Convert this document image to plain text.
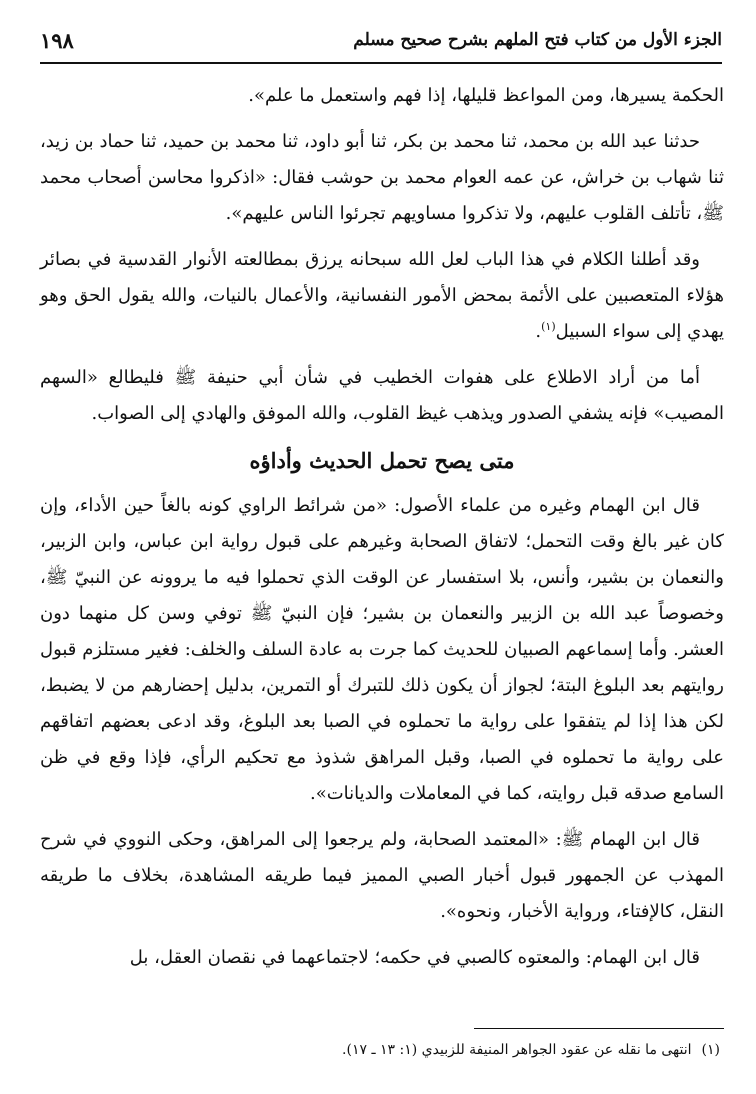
الجزء الأول من كتاب فتح الملهم بشرح صحيح مسلم
١٩٨

الحكمة يسيرها، ومن المواعظ قليلها، إذا فهم واستعمل ما علم».

حدثنا عبد الله بن محمد، ثنا محمد بن بكر، ثنا أبو داود، ثنا محمد بن حميد، ثنا حماد بن زيد، ثنا شهاب بن خراش، عن عمه العوام محمد بن حوشب فقال: «اذكروا محاسن أصحاب محمد ﷺ، تأتلف القلوب عليهم، ولا تذكروا مساويهم تجرئوا الناس عليهم».

وقد أطلنا الكلام في هذا الباب لعل الله سبحانه يرزق بمطالعته الأنوار القدسية في بصائر هؤلاء المتعصبين على الأئمة بمحض الأمور النفسانية، والأعمال بالنيات، والله يقول الحق وهو يهدي إلى سواء السبيل$^{(١)}$.

أما من أراد الاطلاع على هفوات الخطيب في شأن أبي حنيفة ﷺ فليطالع «السهم المصيب» فإنه يشفي الصدور ويذهب غيظ القلوب، والله الموفق والهادي إلى الصواب.

متى يصح تحمل الحديث وأداؤه

قال ابن الهمام وغيره من علماء الأصول: «من شرائط الراوي كونه بالغاً حين الأداء، وإن كان غير بالغ وقت التحمل؛ لاتفاق الصحابة وغيرهم على قبول رواية ابن عباس، وابن الزبير، والنعمان بن بشير، وأنس، بلا استفسار عن الوقت الذي تحملوا فيه ما يروونه عن النبيّ ﷺ، وخصوصاً عبد الله بن الزبير والنعمان بن بشير؛ فإن النبيّ ﷺ توفي وسن كل منهما دون العشر. وأما إسماعهم الصبيان للحديث كما جرت به عادة السلف والخلف: فغير مستلزم قبول روايتهم بعد البلوغ البتة؛ لجواز أن يكون ذلك للتبرك أو التمرين، بدليل إحضارهم من لا يضبط، لكن هذا إذا لم يتفقوا على رواية ما تحملوه في الصبا بعد البلوغ، وقد ادعى بعضهم اتفاقهم على رواية ما تحملوه في الصبا، وقبل المراهق شذوذ مع تحكيم الرأي، فإذا وقع في ظن السامع صدقه قبل روايته، كما في المعاملات والديانات».

قال ابن الهمام ﷺ: «المعتمد الصحابة، ولم يرجعوا إلى المراهق، وحكى النووي في شرح المهذب عن الجمهور قبول أخبار الصبي المميز فيما طريقه المشاهدة، بخلاف ما طريقه النقل، كالإفتاء، ورواية الأخبار، ونحوه».

قال ابن الهمام: والمعتوه كالصبي في حكمه؛ لاجتماعهما في نقصان العقل، بل

(١)انتهى ما نقله عن عقود الجواهر المنيفة للزبيدي (١: ١٣ ـ ١٧).
